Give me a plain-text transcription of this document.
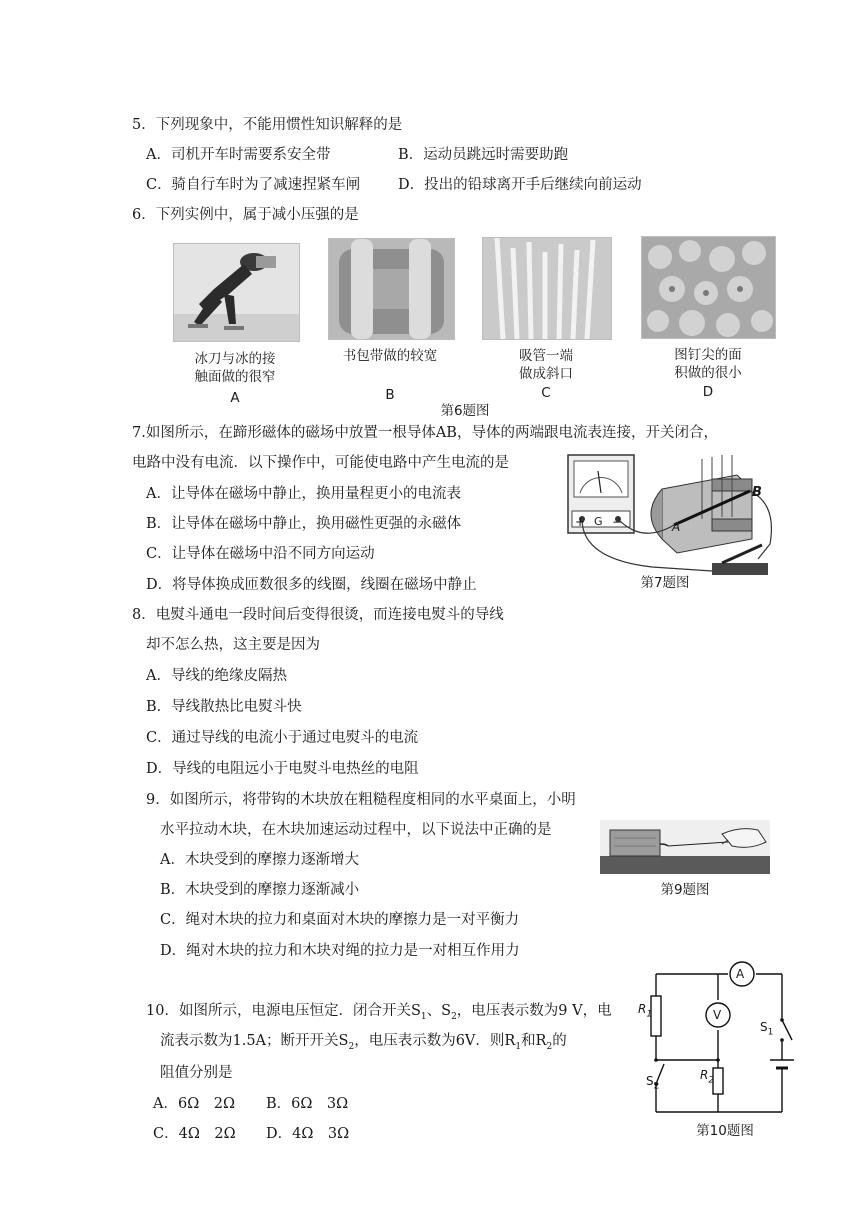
5．下列现象中，不能用惯性知识解释的是
A．司机开车时需要系安全带	B．运动员跳远时需要助跑
C．骑自行车时为了减速捏紧车闸	D．投出的铅球离开手后继续向前运动
6．下列实例中，属于减小压强的是
冰刀与冰的接
触面做的很窄
A
书包带做的较宽
B
吸管一端
做成斜口
C
图钉尖的面
积做的很小
D
第6题图
7.如图所示，在蹄形磁体的磁场中放置一根导体AB，导体的两端跟电流表连接，开关闭合，
电路中没有电流．以下操作中，可能使电路中产生电流的是
A．让导体在磁场中静止，换用量程更小的电流表
B．让导体在磁场中静止，换用磁性更强的永磁体
C．让导体在磁场中沿不同方向运动
D．将导体换成匝数很多的线圈，线圈在磁场中静止
+ G −	A
B
第7题图
8．电熨斗通电一段时间后变得很烫，而连接电熨斗的导线
却不怎么热，这主要是因为
A．导线的绝缘皮隔热
B．导线散热比电熨斗快
C．通过导线的电流小于通过电熨斗的电流
D．导线的电阻远小于电熨斗电热丝的电阻
9．如图所示，将带钩的木块放在粗糙程度相同的水平桌面上，小明
水平拉动木块，在木块加速运动过程中，以下说法中正确的是
A．木块受到的摩擦力逐渐增大
B．木块受到的摩擦力逐渐减小
C．绳对木块的拉力和桌面对木块的摩擦力是一对平衡力
D．绳对木块的拉力和木块对绳的拉力是一对相互作用力
第9题图
10．如图所示，电源电压恒定．闭合开关$S_1$、$S_2$，电压表示数为9 V，电
流表示数为1.5A；断开开关$S_2$，电压表示数为6V．则$R_1$和$R_2$的
阻值分别是
A．6Ω　2Ω B．6Ω　3Ω
C．4Ω　2Ω D．4Ω　3Ω
A
V
$R_1$
$R_2$
$S_1$
$S_2$
第10题图
